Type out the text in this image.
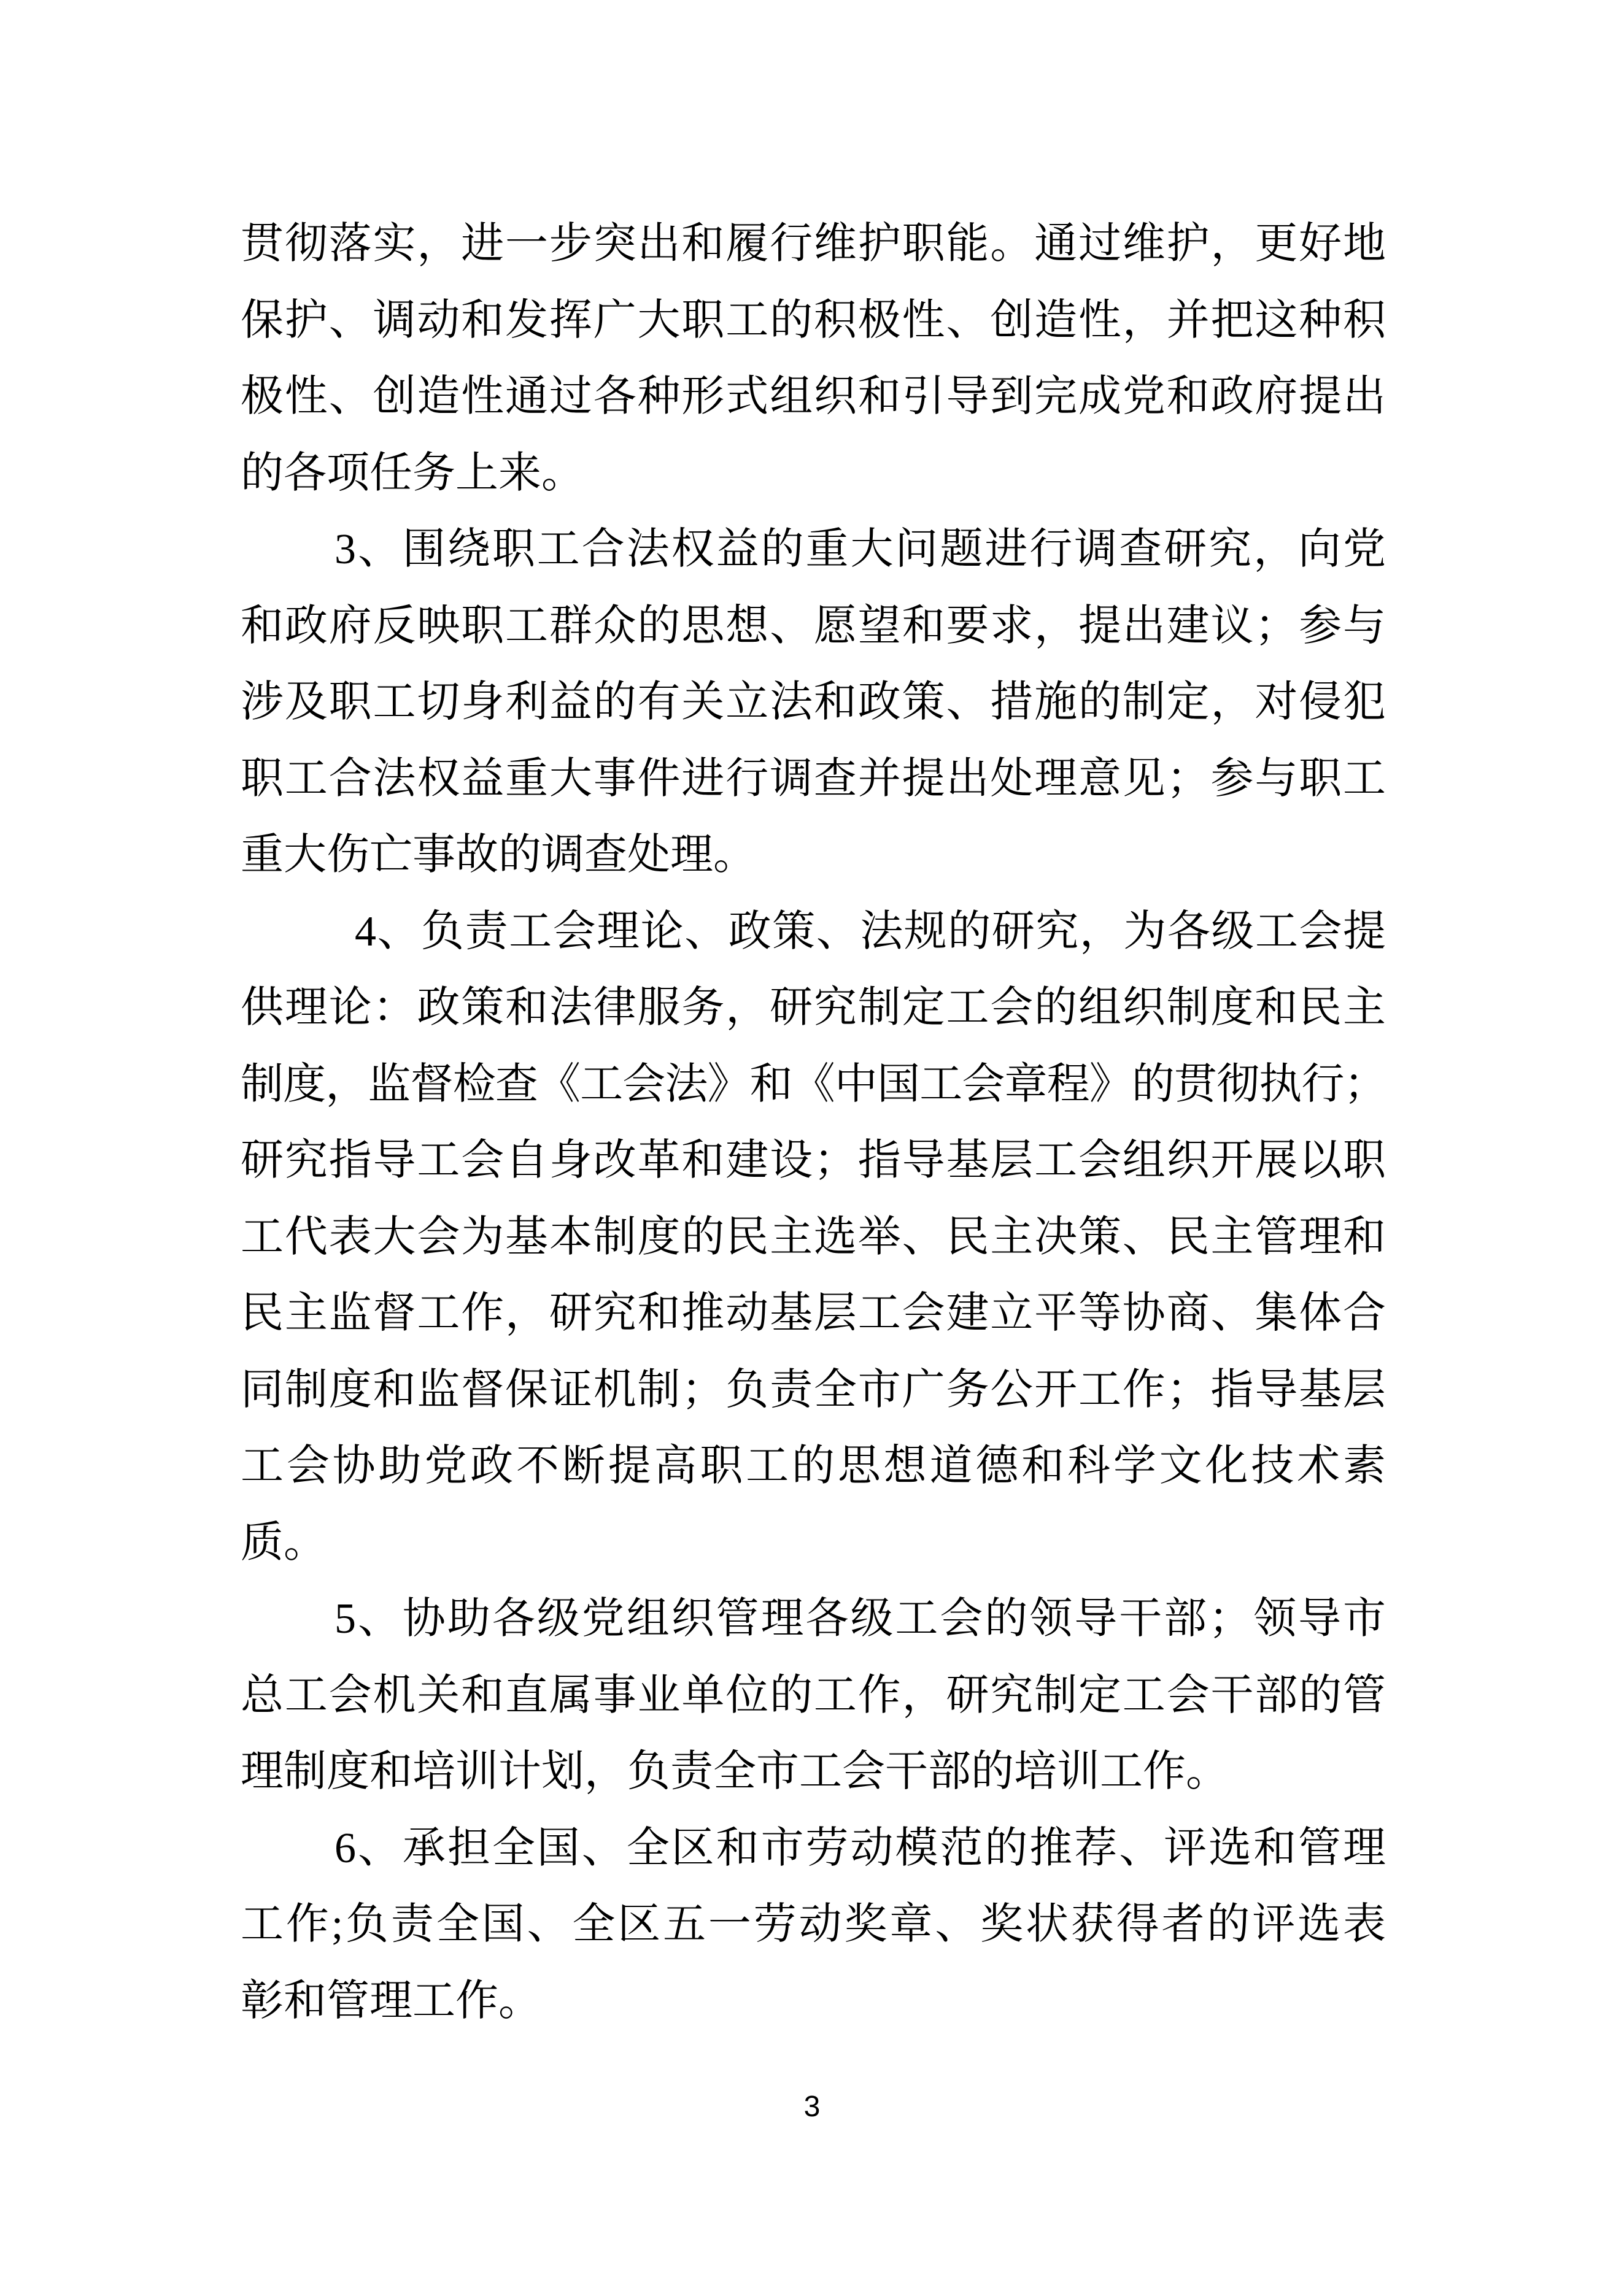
贯彻落实，进一步突出和履行维护职能。通过维护，更好地
保护、调动和发挥广大职工的积极性、创造性，并把这种积
极性、创造性通过各种形式组织和引导到完成党和政府提出
的各项任务上来。
3、围绕职工合法权益的重大问题进行调查研究，向党
和政府反映职工群众的思想、愿望和要求，提出建议；参与
涉及职工切身利益的有关立法和政策、措施的制定，对侵犯
职工合法权益重大事件进行调查并提出处理意见；参与职工
重大伤亡事故的调查处理。
4、负责工会理论、政策、法规的研究，为各级工会提
供理论：政策和法律服务，研究制定工会的组织制度和民主
制度，监督检查《工会法》和《中国工会章程》的贯彻执行；
研究指导工会自身改革和建设；指导基层工会组织开展以职
工代表大会为基本制度的民主选举、民主决策、民主管理和
民主监督工作，研究和推动基层工会建立平等协商、集体合
同制度和监督保证机制；负责全市广务公开工作；指导基层
工会协助党政不断提高职工的思想道德和科学文化技术素
质。
5、协助各级党组织管理各级工会的领导干部；领导市
总工会机关和直属事业单位的工作，研究制定工会干部的管
理制度和培训计划，负责全市工会干部的培训工作。
6、承担全国、全区和市劳动模范的推荐、评选和管理
工作;负责全国、全区五一劳动奖章、奖状获得者的评选表
彰和管理工作。
3
